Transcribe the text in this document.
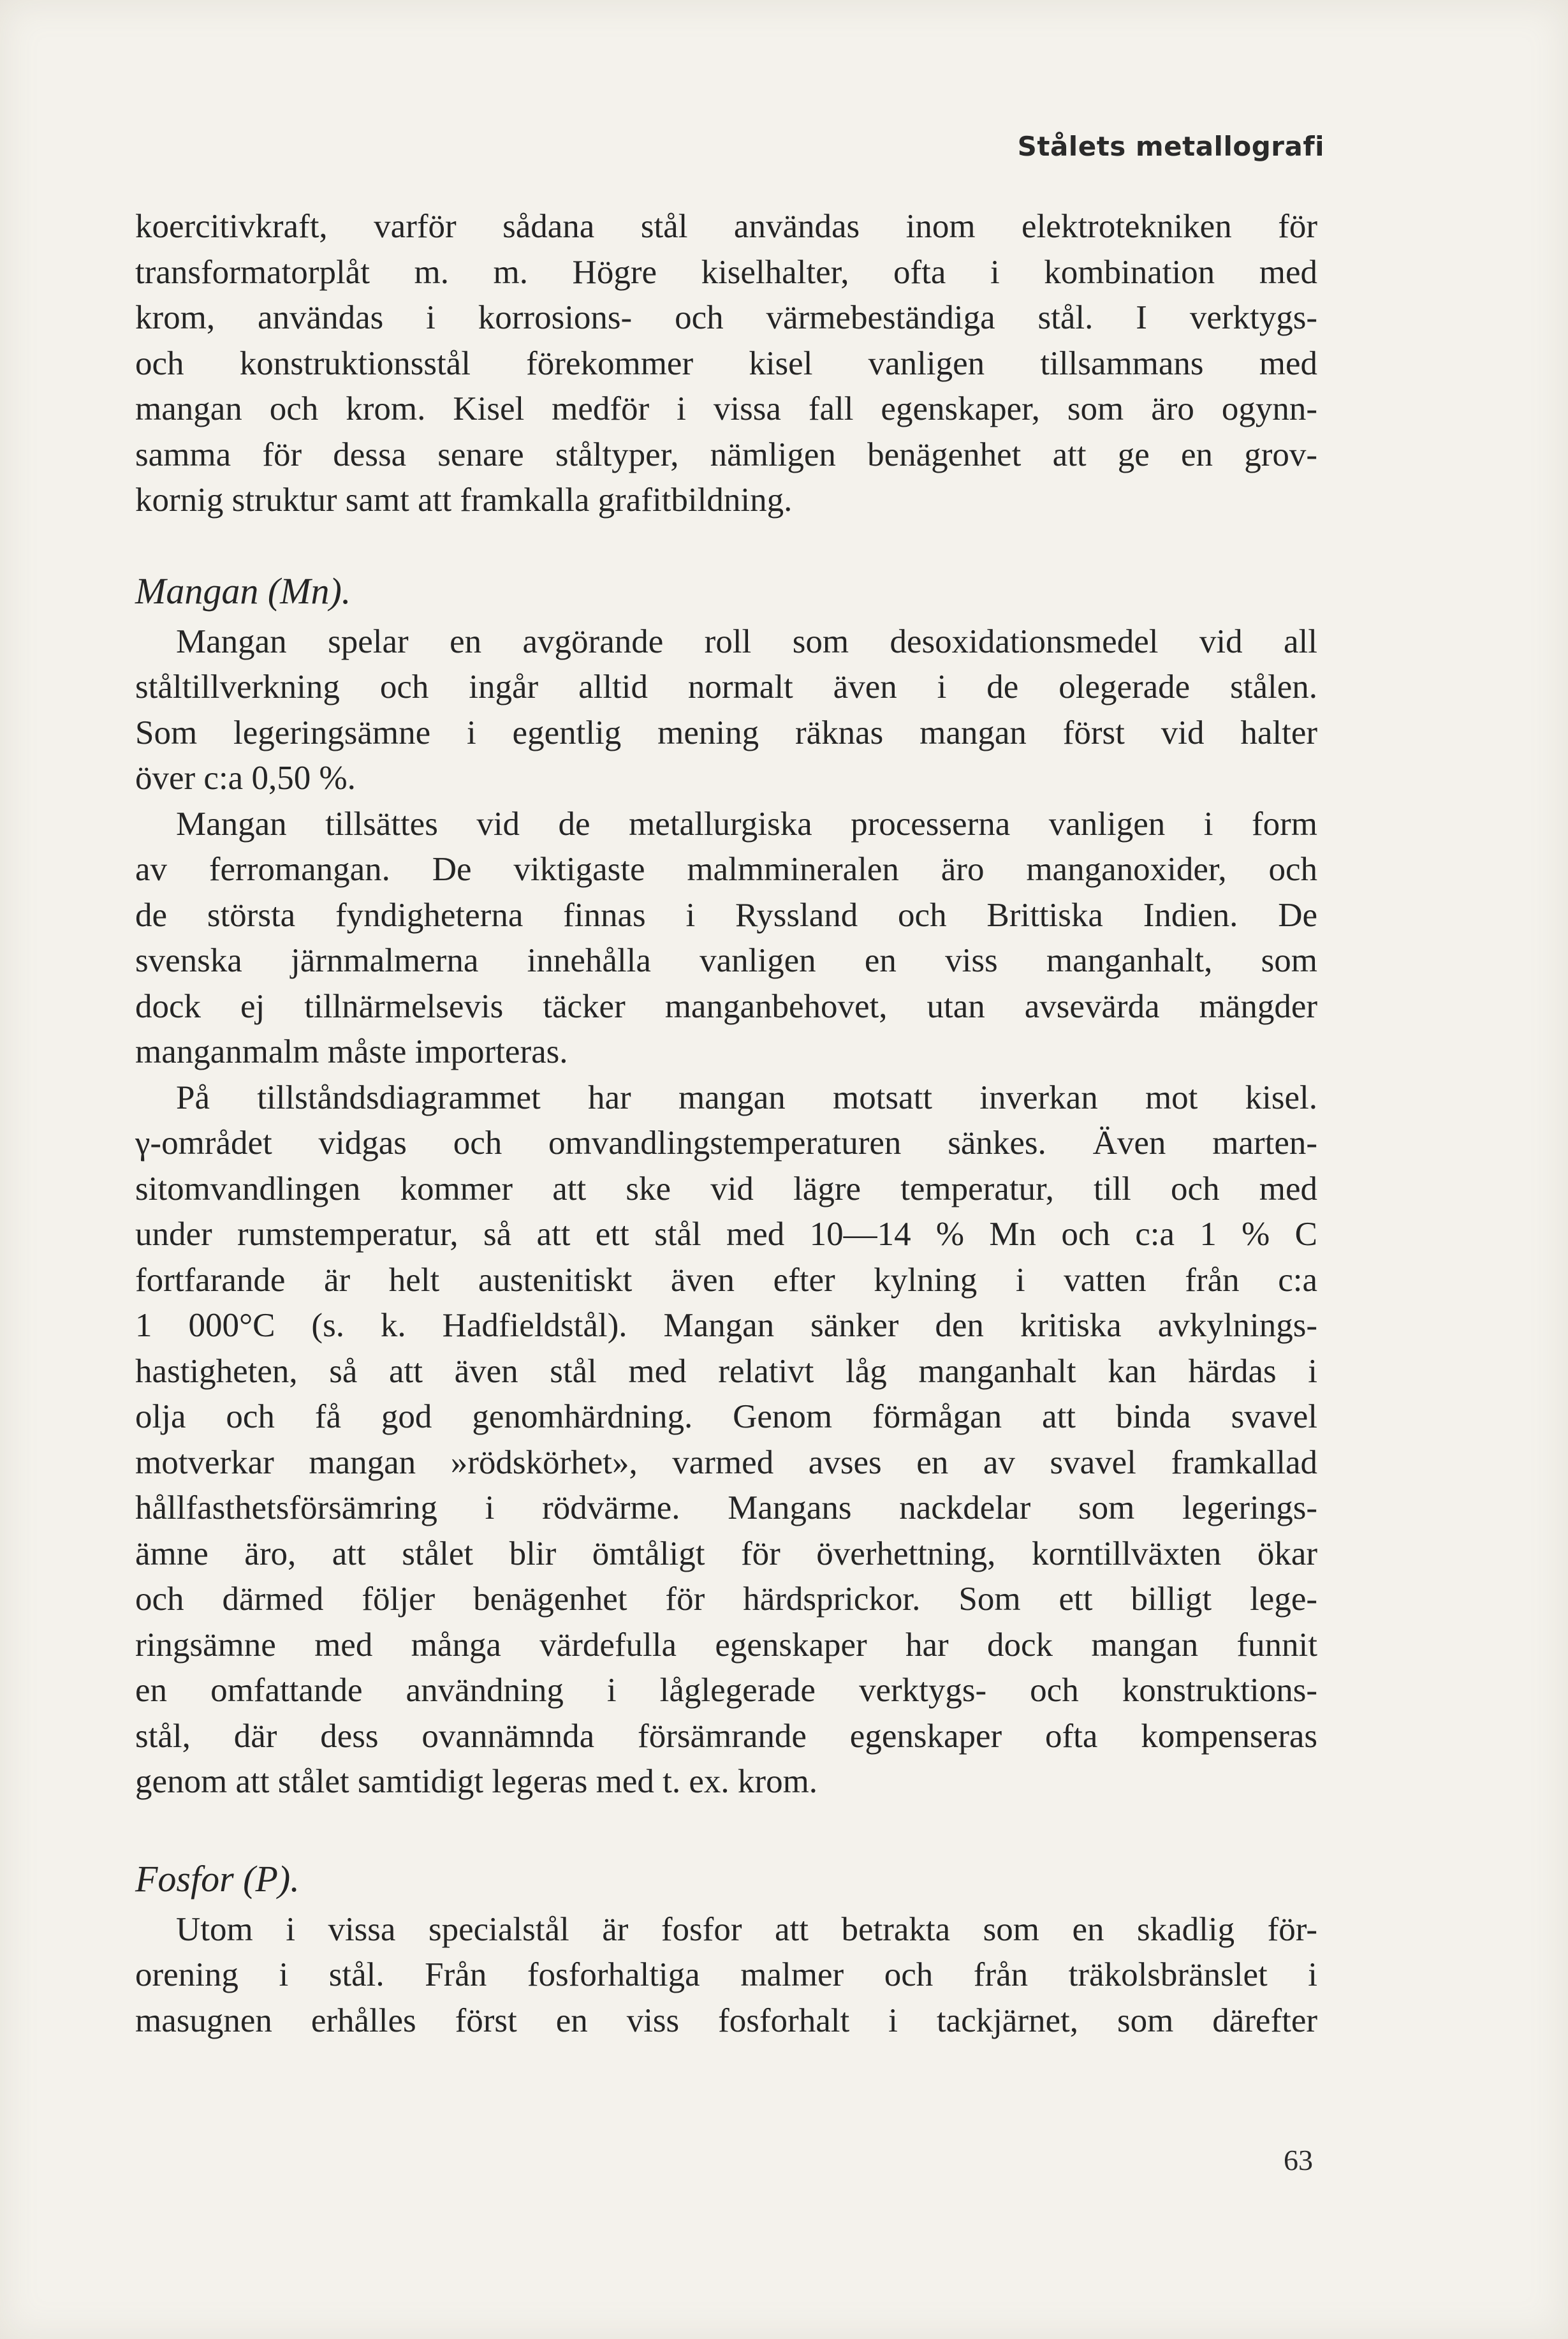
Stålets metallografi
koercitivkraft, varför sådana stål användas inom elektrotekniken för
transformatorplåt m. m. Högre kiselhalter, ofta i kombination med
krom, användas i korrosions- och värmebeständiga stål. I verktygs-
och konstruktionsstål förekommer kisel vanligen tillsammans med
mangan och krom. Kisel medför i vissa fall egenskaper, som äro ogynn-
samma för dessa senare ståltyper, nämligen benägenhet att ge en grov-
kornig struktur samt att framkalla grafitbildning.
Mangan (Mn).
Mangan spelar en avgörande roll som desoxidationsmedel vid all
ståltillverkning och ingår alltid normalt även i de olegerade stålen.
Som legeringsämne i egentlig mening räknas mangan först vid halter
över c:a 0,50 %.
Mangan tillsättes vid de metallurgiska processerna vanligen i form
av ferromangan. De viktigaste malmmineralen äro manganoxider, och
de största fyndigheterna finnas i Ryssland och Brittiska Indien. De
svenska järnmalmerna innehålla vanligen en viss manganhalt, som
dock ej tillnärmelsevis täcker manganbehovet, utan avsevärda mängder
manganmalm måste importeras.
På tillståndsdiagrammet har mangan motsatt inverkan mot kisel.
γ-området vidgas och omvandlingstemperaturen sänkes. Även marten-
sitomvandlingen kommer att ske vid lägre temperatur, till och med
under rumstemperatur, så att ett stål med 10—14 % Mn och c:a 1 % C
fortfarande är helt austenitiskt även efter kylning i vatten från c:a
1 000°C (s. k. Hadfieldstål). Mangan sänker den kritiska avkylnings-
hastigheten, så att även stål med relativt låg manganhalt kan härdas i
olja och få god genomhärdning. Genom förmågan att binda svavel
motverkar mangan »rödskörhet», varmed avses en av svavel framkallad
hållfasthetsförsämring i rödvärme. Mangans nackdelar som legerings-
ämne äro, att stålet blir ömtåligt för överhettning, korntillväxten ökar
och därmed följer benägenhet för härdsprickor. Som ett billigt lege-
ringsämne med många värdefulla egenskaper har dock mangan funnit
en omfattande användning i låglegerade verktygs- och konstruktions-
stål, där dess ovannämnda försämrande egenskaper ofta kompenseras
genom att stålet samtidigt legeras med t. ex. krom.
Fosfor (P).
Utom i vissa specialstål är fosfor att betrakta som en skadlig för-
orening i stål. Från fosforhaltiga malmer och från träkolsbränslet i
masugnen erhålles först en viss fosforhalt i tackjärnet, som därefter
63
